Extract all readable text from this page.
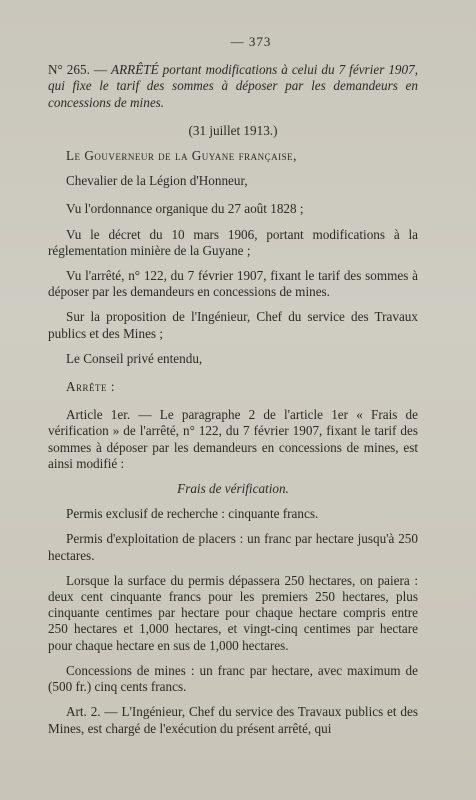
— 373

N° 265. — ARRÊTÉ portant modifications à celui du 7 février 1907, qui fixe le tarif des sommes à déposer par les demandeurs en concessions de mines.

(31 juillet 1913.)

Le Gouverneur de la Guyane française,

Chevalier de la Légion d'Honneur,

Vu l'ordonnance organique du 27 août 1828 ;

Vu le décret du 10 mars 1906, portant modifications à la réglementation minière de la Guyane ;

Vu l'arrêté, n° 122, du 7 février 1907, fixant le tarif des sommes à déposer par les demandeurs en concessions de mines.

Sur la proposition de l'Ingénieur, Chef du service des Travaux publics et des Mines ;

Le Conseil privé entendu,

Arrête :

Article 1er. — Le paragraphe 2 de l'article 1er « Frais de vérification » de l'arrêté, n° 122, du 7 février 1907, fixant le tarif des sommes à déposer par les demandeurs en concessions de mines, est ainsi modifié :

Frais de vérification.

Permis exclusif de recherche : cinquante francs.

Permis d'exploitation de placers : un franc par hectare jusqu'à 250 hectares.

Lorsque la surface du permis dépassera 250 hectares, on paiera : deux cent cinquante francs pour les premiers 250 hectares, plus cinquante centimes par hectare pour chaque hectare compris entre 250 hectares et 1,000 hectares, et vingt-cinq centimes par hectare pour chaque hectare en sus de 1,000 hectares.

Concessions de mines : un franc par hectare, avec maximum de (500 fr.) cinq cents francs.

Art. 2. — L'Ingénieur, Chef du service des Travaux publics et des Mines, est chargé de l'exécution du présent arrêté, qui
